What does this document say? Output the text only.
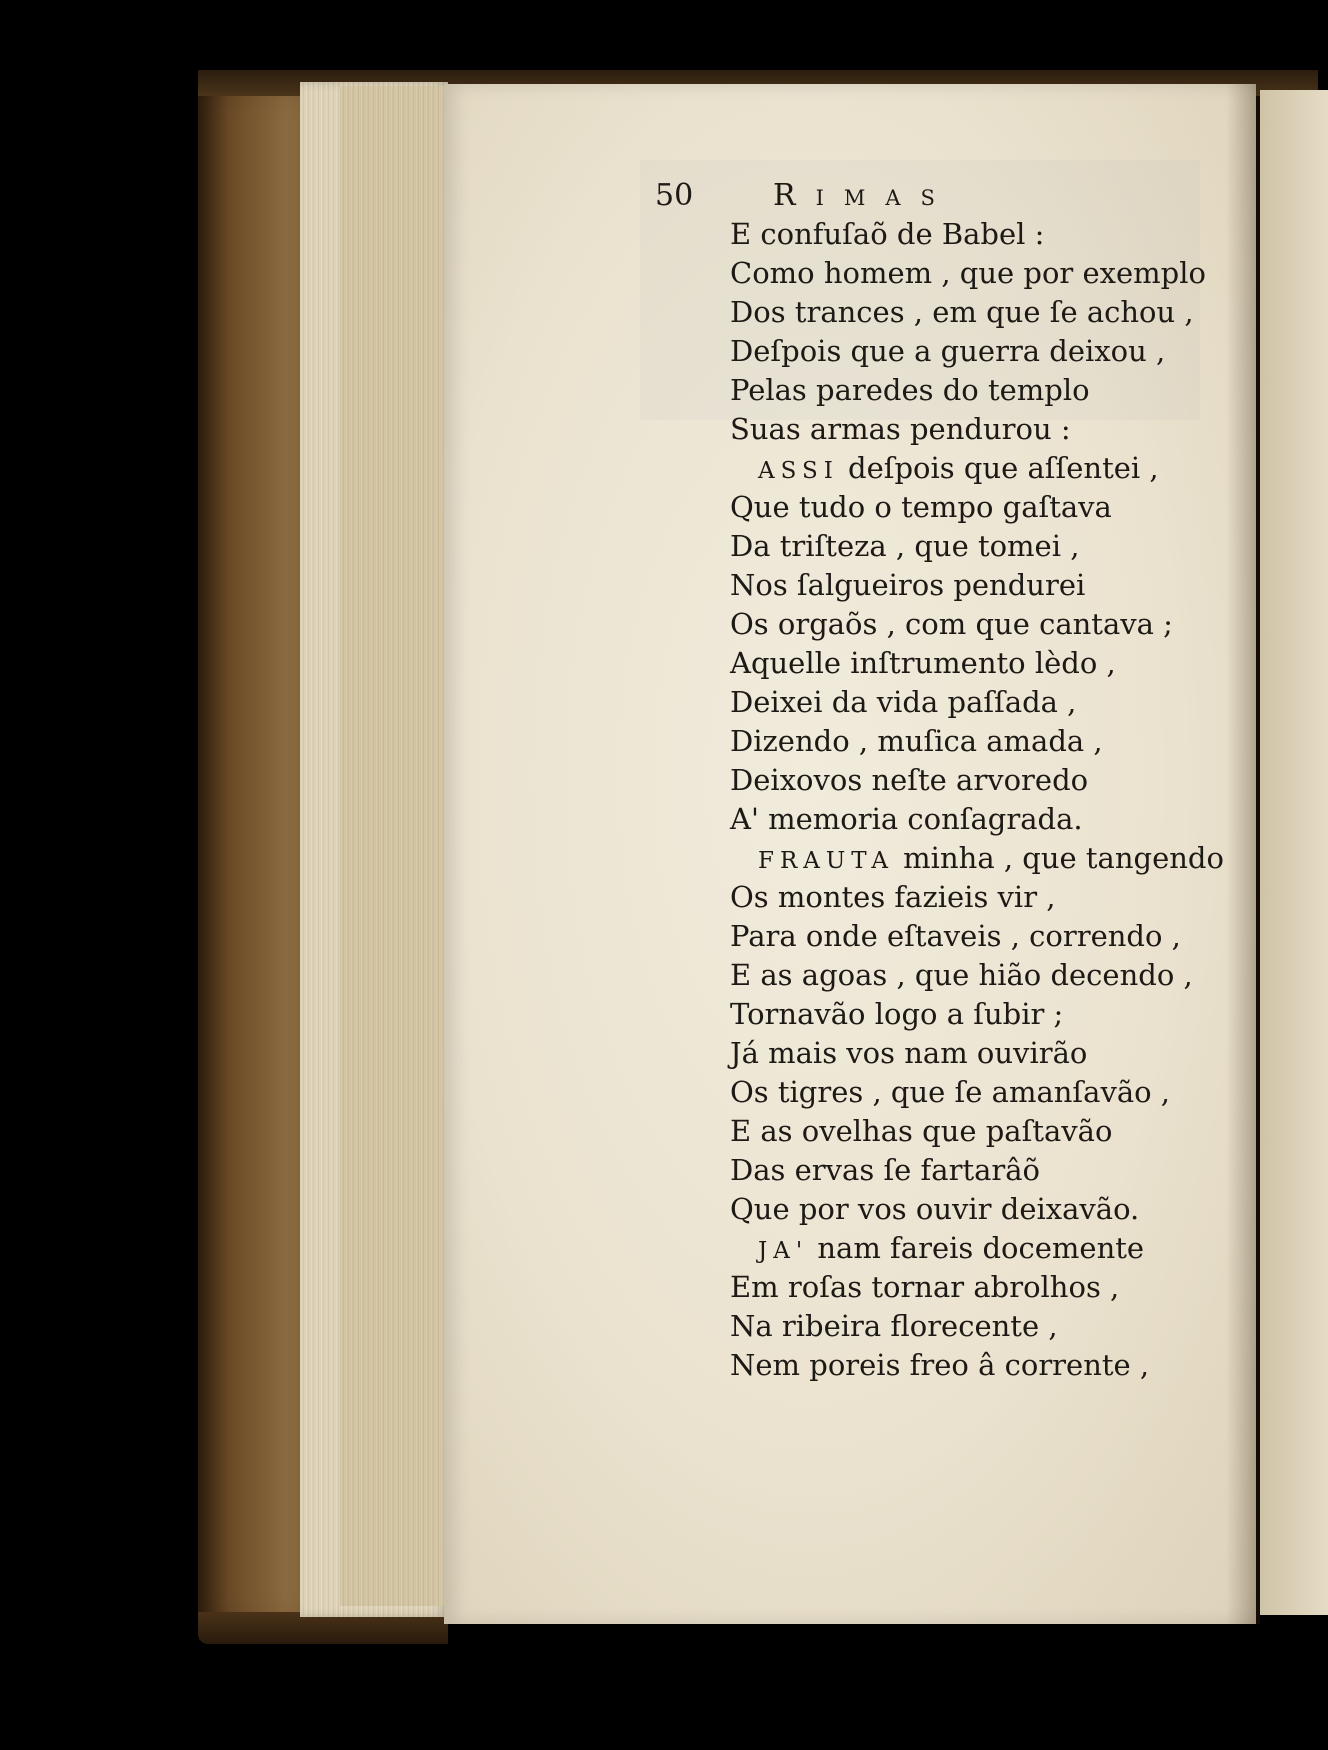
50	Rimas
E confuſaõ de Babel :
Como homem , que por exemplo
Dos trances , em que ſe achou ,
Deſpois que a guerra deixou ,
Pelas paredes do templo
Suas armas pendurou :
ASSI deſpois que aſſentei ,
Que tudo o tempo gaſtava
Da triſteza , que tomei ,
Nos ſalgueiros pendurei
Os orgaõs , com que cantava ;
Aquelle inſtrumento lèdo ,
Deixei da vida paſſada ,
Dizendo , muſica amada ,
Deixovos neſte arvoredo
A' memoria conſagrada.
FRAUTA minha , que tangendo
Os montes fazieis vir ,
Para onde eſtaveis , correndo ,
E as agoas , que hião decendo ,
Tornavão logo a ſubir ;
Já mais vos nam ouvirão
Os tigres , que ſe amanſavão ,
E as ovelhas que paſtavão
Das ervas ſe fartarâõ
Que por vos ouvir deixavão.
JA' nam fareis docemente
Em roſas tornar abrolhos ,
Na ribeira florecente ,
Nem poreis freo â corrente ,
